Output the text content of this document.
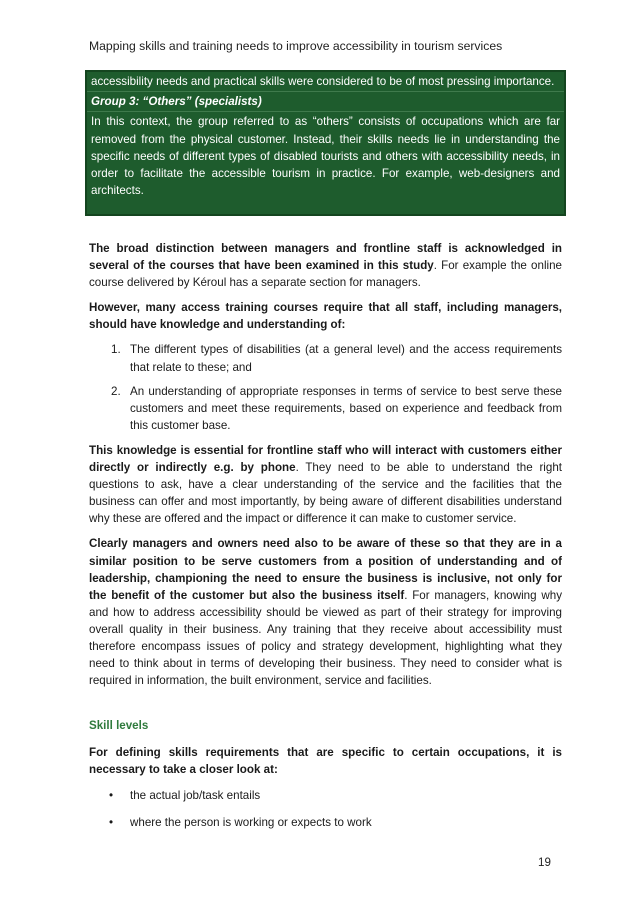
Mapping skills and training needs to improve accessibility in tourism services
accessibility needs and practical skills were considered to be of most pressing importance.
Group 3: “Others” (specialists)
In this context, the group referred to as “others” consists of occupations which are far removed from the physical customer. Instead, their skills needs lie in understanding the specific needs of different types of disabled tourists and others with accessibility needs, in order to facilitate the accessible tourism in practice. For example, web-designers and architects.

The broad distinction between managers and frontline staff is acknowledged in several of the courses that have been examined in this study. For example the online course delivered by Kéroul has a separate section for managers.

However, many access training courses require that all staff, including managers, should have knowledge and understanding of:

1. The different types of disabilities (at a general level) and the access requirements that relate to these; and
2. An understanding of appropriate responses in terms of service to best serve these customers and meet these requirements, based on experience and feedback from this customer base.

This knowledge is essential for frontline staff who will interact with customers either directly or indirectly e.g. by phone. They need to be able to understand the right questions to ask, have a clear understanding of the service and the facilities that the business can offer and most importantly, by being aware of different disabilities understand why these are offered and the impact or difference it can make to customer service.

Clearly managers and owners need also to be aware of these so that they are in a similar position to be serve customers from a position of understanding and of leadership, championing the need to ensure the business is inclusive, not only for the benefit of the customer but also the business itself. For managers, knowing why and how to address accessibility should be viewed as part of their strategy for improving overall quality in their business. Any training that they receive about accessibility must therefore encompass issues of policy and strategy development, highlighting what they need to think about in terms of developing their business. They need to consider what is required in information, the built environment, service and facilities.

Skill levels

For defining skills requirements that are specific to certain occupations, it is necessary to take a closer look at:

• the actual job/task entails
• where the person is working or expects to work
19
